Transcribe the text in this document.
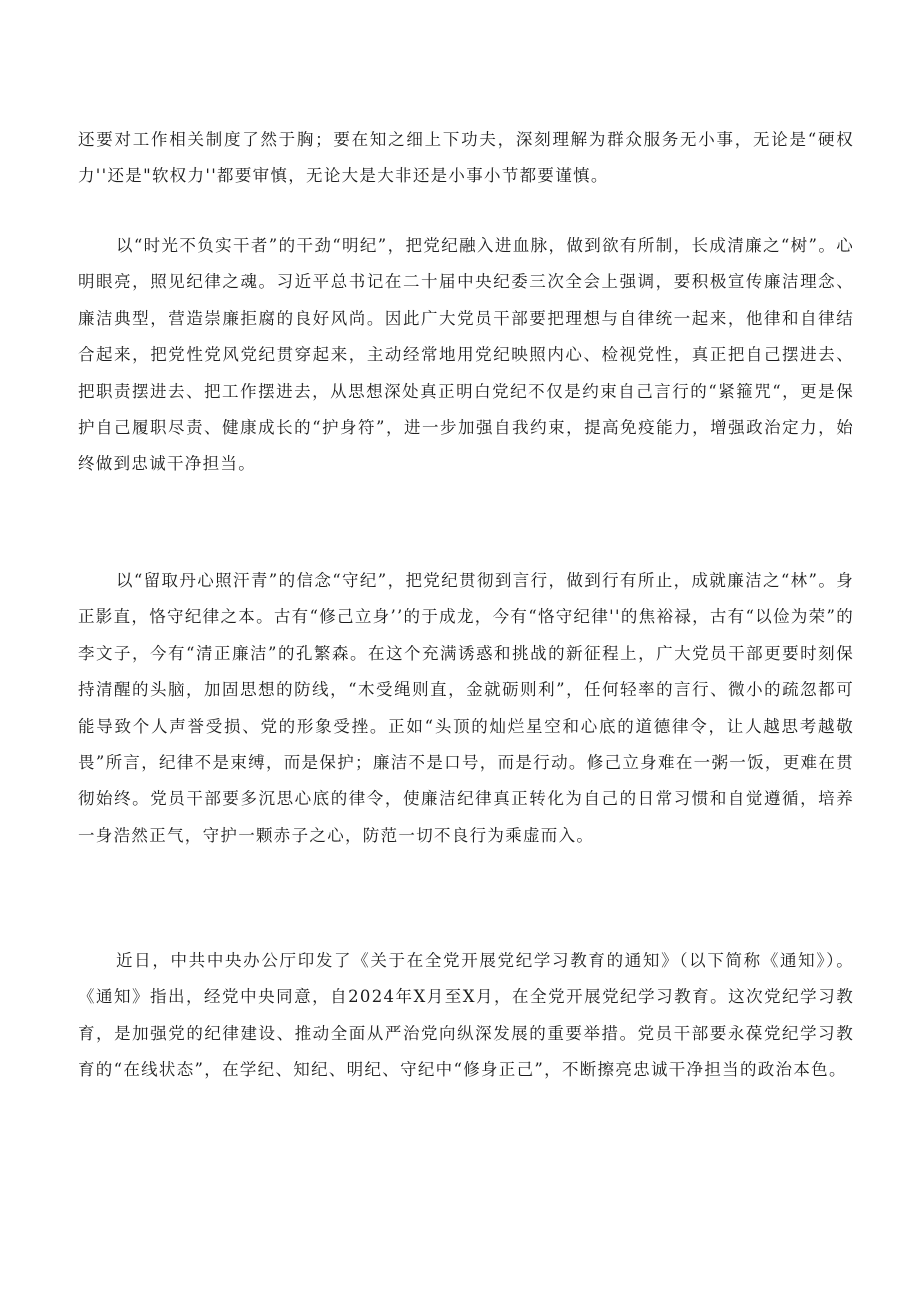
还要对工作相关制度了然于胸；要在知之细上下功夫，深刻理解为群众服务无小事，无论是“硬权力''还是"软权力''都要审慎，无论大是大非还是小事小节都要谨慎。

以“时光不负实干者”的干劲“明纪”，把党纪融入进血脉，做到欲有所制，长成清廉之“树”。心明眼亮，照见纪律之魂。习近平总书记在二十届中央纪委三次全会上强调，要积极宣传廉洁理念、廉洁典型，营造崇廉拒腐的良好风尚。因此广大党员干部要把理想与自律统一起来，他律和自律结合起来，把党性党风党纪贯穿起来，主动经常地用党纪映照内心、检视党性，真正把自己摆进去、把职责摆进去、把工作摆进去，从思想深处真正明白党纪不仅是约束自己言行的“紧箍咒“，更是保护自己履职尽责、健康成长的“护身符”，进一步加强自我约束，提高免疫能力，增强政治定力，始终做到忠诚干净担当。

以“留取丹心照汗青”的信念“守纪”，把党纪贯彻到言行，做到行有所止，成就廉洁之“林”。身正影直，恪守纪律之本。古有“修己立身’’的于成龙，今有“恪守纪律''的焦裕禄，古有“以俭为荣”的李文子，今有“清正廉洁”的孔繁森。在这个充满诱惑和挑战的新征程上，广大党员干部更要时刻保持清醒的头脑，加固思想的防线，“木受绳则直，金就砺则利”，任何轻率的言行、微小的疏忽都可能导致个人声誉受损、党的形象受挫。正如“头顶的灿烂星空和心底的道德律令，让人越思考越敬畏”所言，纪律不是束缚，而是保护；廉洁不是口号，而是行动。修己立身难在一粥一饭，更难在贯彻始终。党员干部要多沉思心底的律令，使廉洁纪律真正转化为自己的日常习惯和自觉遵循，培养一身浩然正气，守护一颗赤子之心，防范一切不良行为乘虚而入。

近日，中共中央办公厅印发了《关于在全党开展党纪学习教育的通知》（以下简称《通知》）。《通知》指出，经党中央同意，自2024年X月至X月，在全党开展党纪学习教育。这次党纪学习教育，是加强党的纪律建设、推动全面从严治党向纵深发展的重要举措。党员干部要永葆党纪学习教育的“在线状态”，在学纪、知纪、明纪、守纪中“修身正己”，不断擦亮忠诚干净担当的政治本色。
